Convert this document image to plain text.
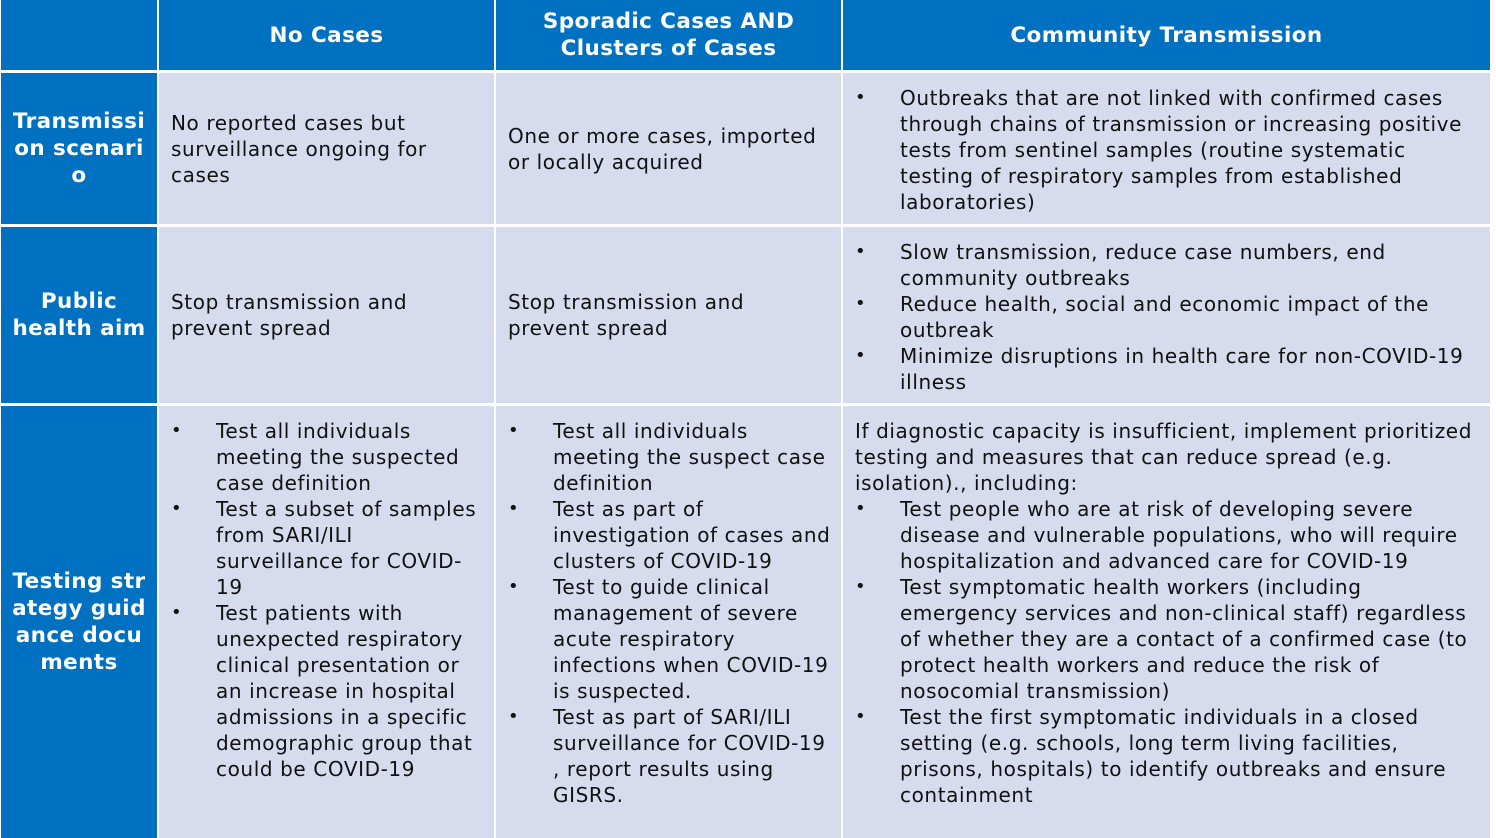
No Cases
Sporadic Cases AND Clusters of Cases
Community Transmission
Transmission scenario
No reported cases but surveillance ongoing for cases
One or more cases, imported or locally acquired
• Outbreaks that are not linked with confirmed cases through chains of transmission or increasing positive tests from sentinel samples (routine systematic testing of respiratory samples from established laboratories)
Public health aim
Stop transmission and prevent spread
Stop transmission and prevent spread
• Slow transmission, reduce case numbers, end community outbreaks
• Reduce health, social and economic impact of the outbreak
• Minimize disruptions in health care for non-COVID-19 illness
Testing strategy guidance documents
• Test all individuals meeting the suspected case definition
• Test a subset of samples from SARI/ILI surveillance for COVID-19
• Test patients with unexpected respiratory clinical presentation or an increase in hospital admissions in a specific demographic group that could be COVID-19
• Test all individuals meeting the suspect case definition
• Test as part of investigation of cases and clusters of COVID-19
• Test to guide clinical management of severe acute respiratory infections when COVID-19 is suspected.
• Test as part of SARI/ILI surveillance for COVID-19 , report results using GISRS.
If diagnostic capacity is insufficient, implement prioritized testing and measures that can reduce spread (e.g. isolation)., including:
• Test people who are at risk of developing severe disease and vulnerable populations, who will require hospitalization and advanced care for COVID-19
• Test symptomatic health workers (including emergency services and non-clinical staff) regardless of whether they are a contact of a confirmed case (to protect health workers and reduce the risk of nosocomial transmission)
• Test the first symptomatic individuals in a closed setting (e.g. schools, long term living facilities, prisons, hospitals) to identify outbreaks and ensure containment
